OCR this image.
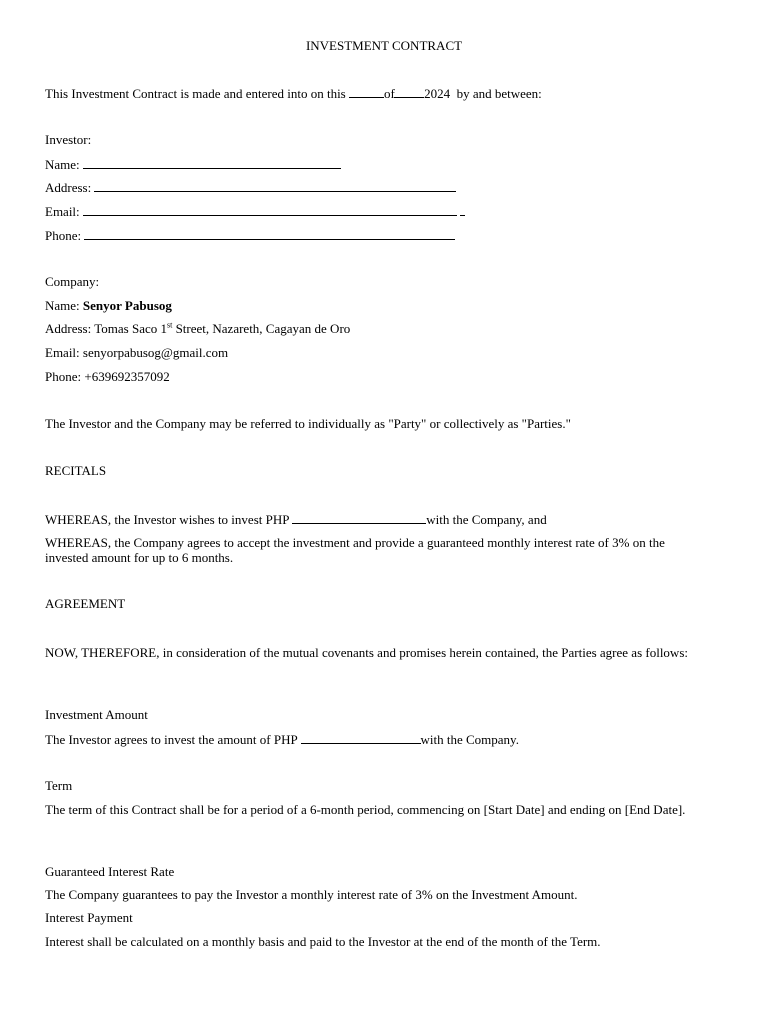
INVESTMENT CONTRACT
This Investment Contract is made and entered into on this	of 2024 by and between:
Investor:
Name:
Address:
Email:
Phone:
Company:
Name: Senyor Pabusog
Address: Tomas Saco 1st Street, Nazareth, Cagayan de Oro
Email: senyorpabusog@gmail.com
Phone: +639692357092
The Investor and the Company may be referred to individually as "Party" or collectively as "Parties."
RECITALS
WHEREAS, the Investor wishes to invest PHP	with the Company, and
WHEREAS, the Company agrees to accept the investment and provide a guaranteed monthly interest rate of 3% on the invested amount for up to 6 months.
AGREEMENT
NOW, THEREFORE, in consideration of the mutual covenants and promises herein contained, the Parties agree as follows:
Investment Amount
The Investor agrees to invest the amount of PHP	with the Company.
Term
The term of this Contract shall be for a period of a 6-month period, commencing on [Start Date] and ending on [End Date].
Guaranteed Interest Rate
The Company guarantees to pay the Investor a monthly interest rate of 3% on the Investment Amount.
Interest Payment
Interest shall be calculated on a monthly basis and paid to the Investor at the end of the month of the Term.
